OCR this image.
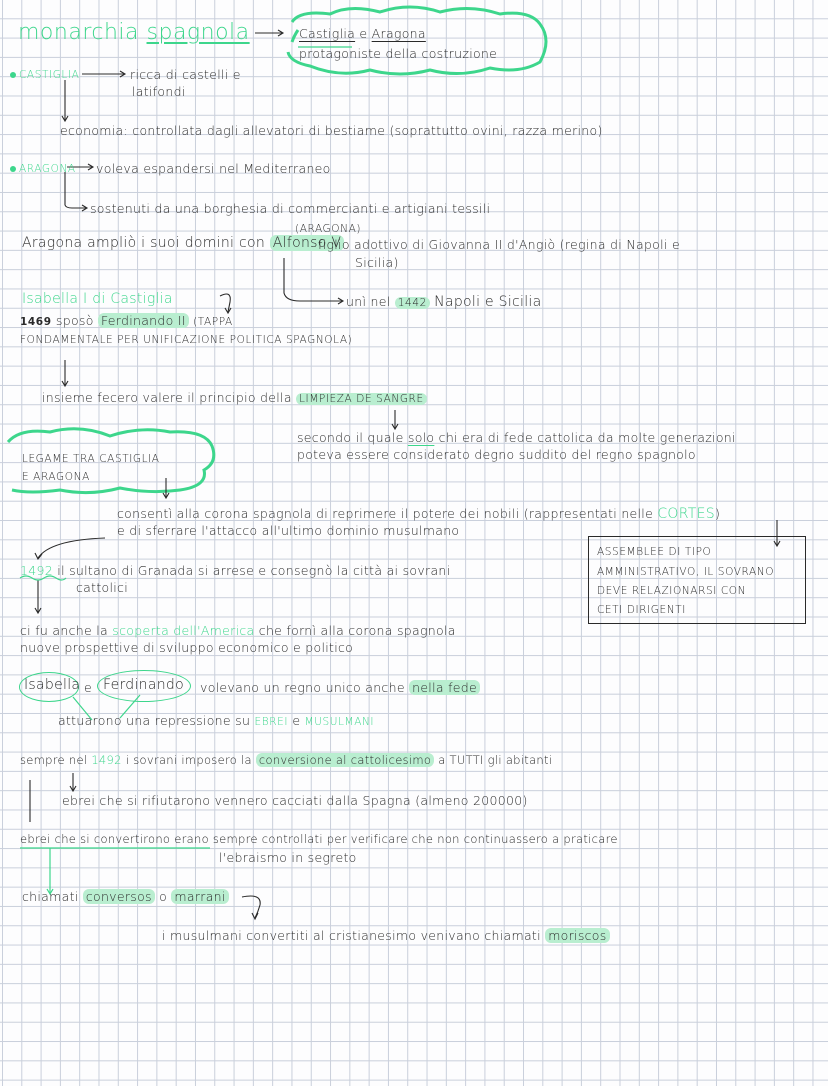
monarchia spagnola	Castiglia e Aragona
protagoniste della costruzione
CASTIGLIA	ricca di castelli e
latifondi
economia: controllata dagli allevatori di bestiame (soprattutto ovini, razza merino)
ARAGONA voleva espandersi nel Mediterraneo
sostenuti da una borghesia di commercianti e artigiani tessili
(ARAGONA)
Aragona ampliò i suoi domini con Alfonso V
figlio adottivo di Giovanna II d'Angiò (regina di Napoli e
Sicilia)
unì nel 1442 Napoli e Sicilia
Isabella I di Castiglia
1469 sposò Ferdinando II (TAPPA
FONDAMENTALE PER UNIFICAZIONE POLITICA SPAGNOLA)
insieme fecero valere il principio della LIMPIEZA DE SANGRE
secondo il quale solo chi era di fede cattolica da molte generazioni
poteva essere considerato degno suddito del regno spagnolo
LEGAME TRA CASTIGLIA
E ARAGONA
consentì alla corona spagnola di reprimere il potere dei nobili (rappresentati nelle CORTES)
e di sferrare l'attacco all'ultimo dominio musulmano
ASSEMBLEE DI TIPO
AMMINISTRATIVO, IL SOVRANO
DEVE RELAZIONARSI CON
CETI DIRIGENTI
1492 il sultano di Granada si arrese e consegnò la città ai sovrani
cattolici
ci fu anche la scoperta dell'America che fornì alla corona spagnola
nuove prospettive di sviluppo economico e politico
Isabella e Ferdinando volevano un regno unico anche nella fede
attuarono una repressione su EBREI e MUSULMANI
sempre nel 1492 i sovrani imposero la conversione al cattolicesimo a TUTTI gli abitanti
ebrei che si rifiutarono vennero cacciati dalla Spagna (almeno 200000)
ebrei che si convertirono erano sempre controllati per verificare che non continuassero a praticare
l'ebraismo in segreto
chiamati conversos o marrani
i musulmani convertiti al cristianesimo venivano chiamati moriscos
